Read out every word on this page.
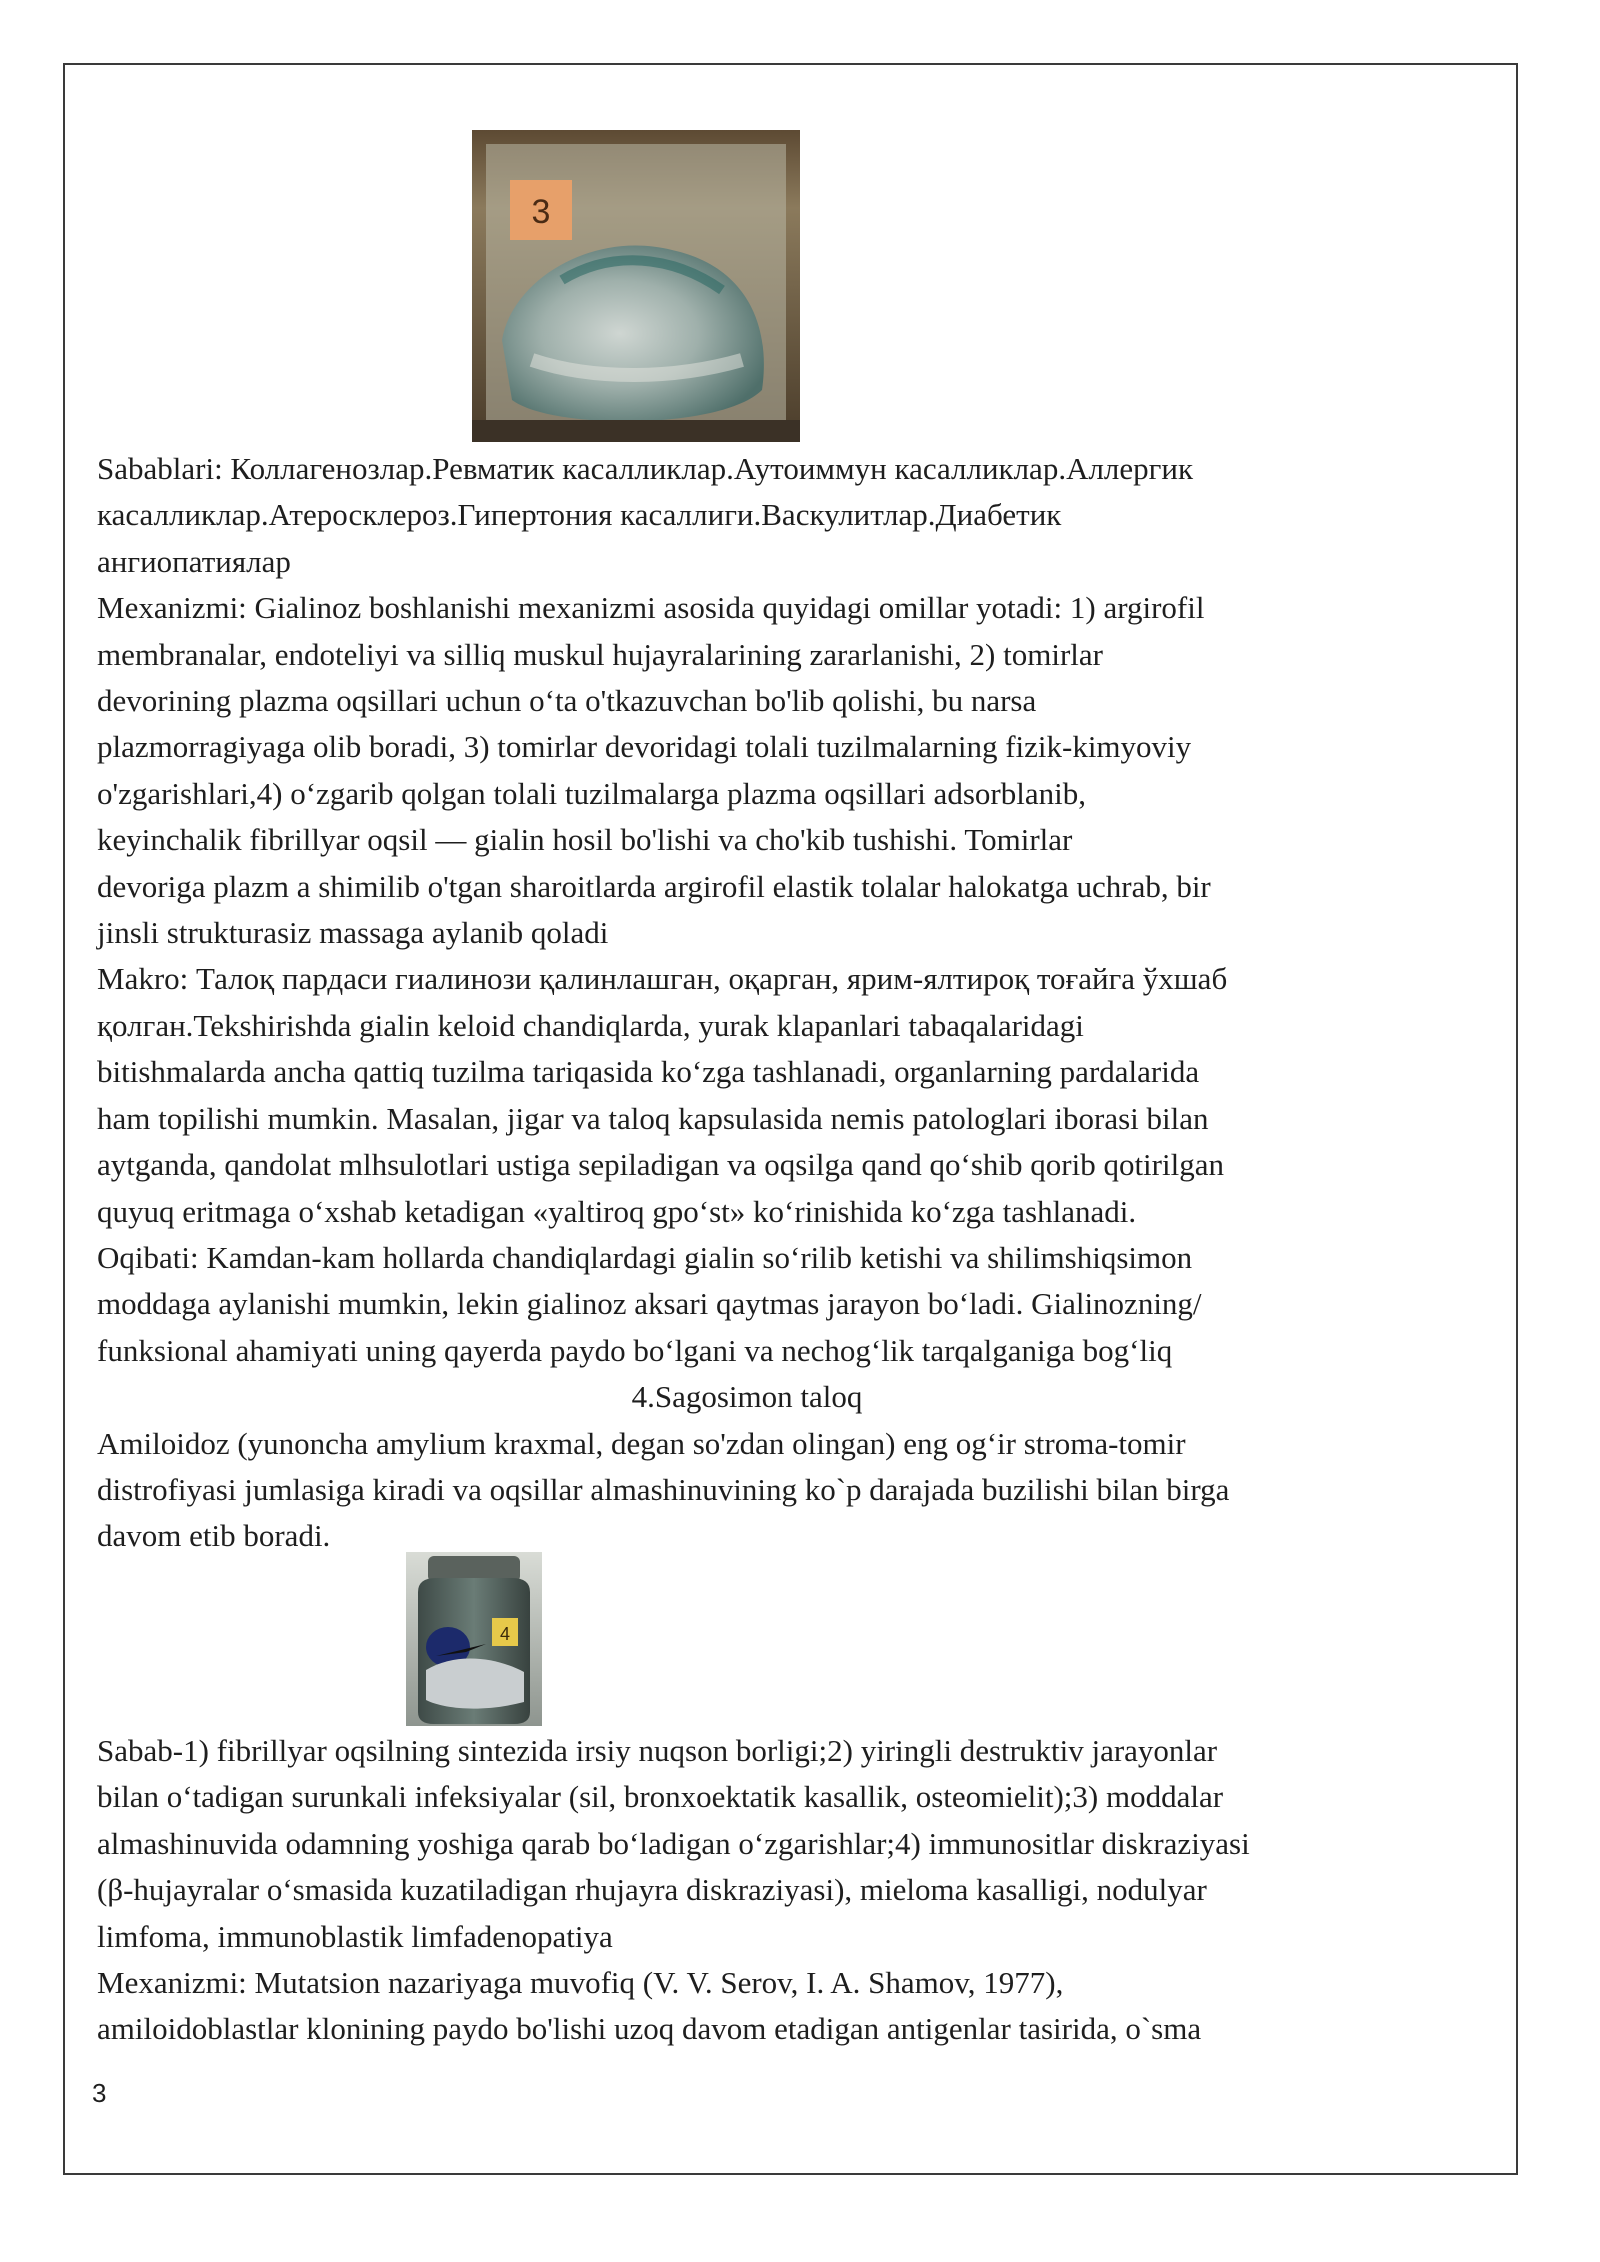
3
Sabablari: Коллагенозлар.Ревматик касалликлар.Аутоиммун касалликлар.Аллергик
касалликлар.Атеросклероз.Гипертония касаллиги.Васкулитлар.Диабетик
ангиопатиялар
Mexanizmi: Gialinoz boshlanishi mexanizmi asosida quyidagi omillar yotadi: 1) argirofil
membranalar, endoteliyi va silliq muskul hujayralarining zararlanishi, 2) tomirlar
devorining plazma oqsillari uchun o‘ta o'tkazuvchan bo'lib qolishi, bu narsa
plazmorragiyaga olib boradi, 3) tomirlar devoridagi tolali tuzilmalarning fizik-kimyoviy
o'zgarishlari,4) o‘zgarib qolgan tolali tuzilmalarga plazma oqsillari adsorblanib,
keyinchalik fibrillyar oqsil — gialin hosil bo'lishi va cho'kib tushishi. Tomirlar
devoriga plazm a shimilib o'tgan sharoitlarda argirofil elastik tolalar halokatga uchrab, bir
jinsli strukturasiz massaga aylanib qoladi
Makro: Талоқ пардаси гиалинози қалинлашган, оқарган, ярим-ялтироқ тоғайга ўхшаб
қолган.Tekshirishda gialin keloid chandiqlarda, yurak klapanlari tabaqalaridagi
bitishmalarda ancha qattiq tuzilma tariqasida koʻzga tashlanadi, organlarning pardalarida
ham topilishi mumkin. Masalan, jigar va taloq kapsulasida nemis patologlari iborasi bilan
aytganda, qandolat mlhsulotlari ustiga sepiladigan va oqsilga qand qoʻshib qorib qotirilgan
quyuq eritmaga oʻxshab ketadigan «yaltiroq gpoʻst» koʻrinishida koʻzga tashlanadi.
Oqibati: Kamdan-kam hollarda chandiqlardagi gialin soʻrilib ketishi va shilimshiqsimon
moddaga aylanishi mumkin, lekin gialinoz aksari qaytmas jarayon boʻladi. Gialinozning/
funksional ahamiyati uning qayerda paydo boʻlgani va nechogʻlik tarqalganiga bogʻliq
4.Sagosimon taloq
Amiloidoz (yunoncha amylium kraxmal, degan so'zdan olingan) eng ogʻir stroma-tomir
distrofiyasi jumlasiga kiradi va oqsillar almashinuvining ko`p darajada buzilishi bilan birga
davom etib boradi.
4
Sabab-1) fibrillyar oqsilning sintezida irsiy nuqson borligi;2) yiringli destruktiv jarayonlar
bilan oʻtadigan surunkali infeksiyalar (sil, bronxoektatik kasallik, osteomielit);3) moddalar
almashinuvida odamning yoshiga qarab boʻladigan oʻzgarishlar;4) immunositlar diskraziyasi
(β-hujayralar oʻsmasida kuzatiladigan rhujayra diskraziyasi), mieloma kasalligi, nodulyar
limfoma, immunoblastik limfadenopatiya
Mexanizmi: Mutatsion nazariyaga muvofiq (V. V. Serov, I. A. Shamov, 1977),
amiloidoblastlar klonining paydo bo'lishi uzoq davom etadigan antigenlar tasirida, o`sma
3
